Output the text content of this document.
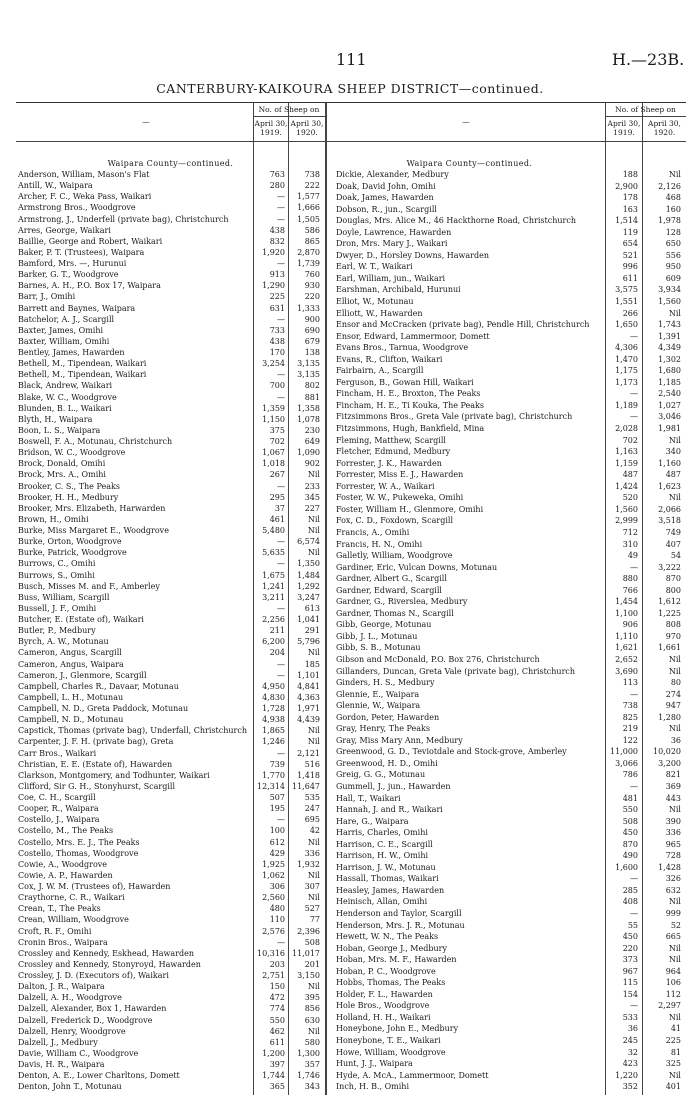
111	H.—23B.
CANTERBURY-KAIKOURA SHEEP DISTRICT—continued.
—
No. of Sheep on
April 30, 1919.
April 30, 1920.
—
No. of Sheep on
April 30, 1919.
April 30, 1920.
Waipara County—continued.
Anderson, William, Mason's Flat	763	738
Antill, W., Waipara	280	222
Archer, F. C., Weka Pass, Waikari	—	1,577
Armstrong Bros., Woodgrove	—	1,666
Armstrong, J., Underfell (private bag), Christchurch	—	1,505
Arres, George, Waikari	438	586
Baillie, George and Robert, Waikari	832	865
Baker, P. T. (Trustees), Waipara	1,920	2,870
Bamford, Mrs. —, Hurunui	—	1,739
Barker, G. T., Woodgrove	913	760
Barnes, A. H., P.O. Box 17, Waipara	1,290	930
Barr, J., Omihi	225	220
Barrett and Baynes, Waipara	631	1,333
Batchelor, A. J., Scargill	—	900
Baxter, James, Omihi	733	690
Baxter, William, Omihi	438	679
Bentley, James, Hawarden	170	138
Bethell, M., Tipendean, Waikari	3,254	3,135
Bethell, M., Tipendean, Waikari	—	3,135
Black, Andrew, Waikari	700	802
Blake, W. C., Woodgrove	—	881
Blunden, B. L., Waikari	1,359	1,358
Blyth, H., Waipara	1,150	1,078
Boon, L. S., Waipara	375	230
Boswell, F. A., Motunau, Christchurch	702	649
Bridson, W. C., Woodgrove	1,067	1,090
Brock, Donald, Omihi	1,018	902
Brock, Mrs. A., Omihi	267	Nil
Brooker, C. S., The Peaks	—	233
Brooker, H. H., Medbury	295	345
Brooker, Mrs. Elizabeth, Harwarden	37	227
Brown, H., Omihi	461	Nil
Burke, Miss Margaret E., Woodgrove	5,480	Nil
Burke, Orton, Woodgrove	—	6,574
Burke, Patrick, Woodgrove	5,635	Nil
Burrows, C., Omihi	—	1,350
Burrows, S., Omihi	1,675	1,484
Busch, Misses M. and F., Amberley	1,241	1,292
Buss, William, Scargill	3,211	3,247
Bussell, J. F., Omihi	—	613
Butcher, E. (Estate of), Waikari	2,256	1,041
Butler, P., Medbury	211	291
Byrch, A. W., Motunau	6,200	5,796
Cameron, Angus, Scargill	204	Nil
Cameron, Angus, Waipara	—	185
Cameron, J., Glenmore, Scargill	—	1,101
Campbell, Charles R., Davaar, Motunau	4,950	4,841
Campbell, L. H., Motunau	4,830	4,363
Campbell, N. D., Greta Paddock, Motunau	1,728	1,971
Campbell, N. D., Motunau	4,938	4,439
Capstick, Thomas (private bag), Underfall, Christchurch	1,865	Nil
Carpenter, J. F. H. (private bag), Greta	1,246	Nil
Carr Bros., Waikari	—	2,121
Christian, E. E. (Estate of), Hawarden	739	516
Clarkson, Montgomery, and Todhunter, Waikari	1,770	1,418
Clifford, Sir G. H., Stonyhurst, Scargill	12,314 11,647
Coe, C. H., Scargill	507	535
Cooper, R., Waipara	195	247
Costello, J., Waipara	—	695
Costello, M., The Peaks	100	42
Costello, Mrs. E. J., The Peaks	612	Nil
Costello, Thomas, Woodgrove	429	336
Cowie, A., Woodgrove	1,925	1,932
Cowie, A. P., Hawarden	1,062	Nil
Cox, J. W. M. (Trustees of), Hawarden	306	307
Craythorne, C. R., Waikari	2,560	Nil
Crean, T., The Peaks	480	527
Crean, William, Woodgrove	110	77
Croft, R. F., Omihi	2,576	2,396
Cronin Bros., Waipara	—	508
Crossley and Kennedy, Eskhead, Hawarden	10,316 11,017
Crossley and Kennedy, Stonyroyd, Hawarden	203	201
Crossley, J. D. (Executors of), Waikari	2,751	3,150
Dalton, J. R., Waipara	150	Nil
Dalzell, A. H., Woodgrove	472	395
Dalzell, Alexander, Box 1, Hawarden	774	856
Dalzell, Frederick D., Woodgrove	550	630
Dalzell, Henry, Woodgrove	462	Nil
Dalzell, J., Medbury	611	580
Davie, William C., Woodgrove	1,200	1,300
Davis, H. R., Waipara	397	357
Denton, A. E., Lower Charltons, Domett	1,744	1,746
Denton, John T., Motunau	365	343
Waipara County—continued.
Dickie, Alexander, Medbury	188	Nil
Doak, David John, Omihi	2,900	2,126
Doak, James, Hawarden	178	468
Dobson, R., jun., Scargill	163	160
Douglas, Mrs. Alice M., 46 Hackthorne Road, Christchurch	1,514	1,978
Doyle, Lawrence, Hawarden	119	128
Dron, Mrs. Mary J., Waikari	654	650
Dwyer, D., Horsley Downs, Hawarden	521	556
Earl, W. T., Waikari	996	950
Earl, William, jun., Waikari	611	609
Earshman, Archibald, Hurunui	3,575	3,934
Elliot, W., Motunau	1,551	1,560
Elliott, W., Hawarden	266	Nil
Ensor and McCracken (private bag), Pendle Hill, Christchurch	1,650	1,743
Ensor, Edward, Lammermoor, Domett	—	1,391
Evans Bros., Tarnua, Woodgrove	4,306	4,349
Evans, R., Clifton, Waikari	1,470	1,302
Fairbairn, A., Scargill	1,175	1,680
Ferguson, B., Gowan Hill, Waikari	1,173	1,185
Fincham, H. E., Broxton, The Peaks	—	2,540
Fincham, H. E., Ti Kouka, The Peaks	1,189	1,027
Fitzsimmons Bros., Greta Vale (private bag), Christchurch	—	3,046
Fitzsimmons, Hugh, Bankfield, Mina	2,028	1,981
Fleming, Matthew, Scargill	702	Nil
Fletcher, Edmund, Medbury	1,163	340
Forrester, J. K., Hawarden	1,159	1,160
Forrester, Miss E. J., Hawarden	487	487
Forrester, W. A., Waikari	1,424	1,623
Foster, W. W., Pukeweka, Omihi	520	Nil
Foster, William H., Glenmore, Omihi	1,560	2,066
Fox, C. D., Foxdown, Scargill	2,999	3,518
Francis, A., Omihi	712	749
Francis, H. N., Omihi	310	407
Galletly, William, Woodgrove	49	54
Gardiner, Eric, Vulcan Downs, Motunau	—	3,222
Gardner, Albert G., Scargill	880	870
Gardner, Edward, Scargill	766	800
Gardner, G., Riverslea, Medbury	1,454	1,612
Gardner, Thomas N., Scargill	1,100	1,225
Gibb, George, Motunau	906	808
Gibb, J. L., Motunau	1,110	970
Gibb, S. B., Motunau	1,621	1,661
Gibson and McDonald, P.O. Box 276, Christchurch	2,652	Nil
Gillanders, Duncan, Greta Vale (private bag), Christchurch	3,690	Nil
Ginders, H. S., Medbury	113	80
Glennie, E., Waipara	—	274
Glennie, W., Waipara	738	947
Gordon, Peter, Hawarden	825	1,280
Gray, Henry, The Peaks	219	Nil
Gray, Miss Mary Ann, Medbury	122	36
Greenwood, G. D., Teviotdale and Stock-grove, Amberley	11,000	10,020
Greenwood, H. D., Omihi	3,066	3,200
Greig, G. G., Motunau	786	821
Gummell, J., jun., Hawarden	—	369
Hall, T., Waikari	481	443
Hannah, J. and R., Waikari	550	Nil
Hare, G., Waipara	508	390
Harris, Charles, Omihi	450	336
Harrison, C. E., Scargill	870	965
Harrison, H. W., Omihi	490	728
Harrison, J. W., Motunau	1,600	1,428
Hassall, Thomas, Waikari	—	326
Heasley, James, Hawarden	285	632
Heinisch, Allan, Omihi	408	Nil
Henderson and Taylor, Scargill	—	999
Henderson, Mrs. J. R., Motunau	55	52
Hewett, W. N., The Peaks	450	665
Hoban, George J., Medbury	220	Nil
Hoban, Mrs. M. F., Hawarden	373	Nil
Hoban, P. C., Woodgrove	967	964
Hobbs, Thomas, The Peaks	115	106
Holder, F. L., Hawarden	154	112
Hole Bros., Woodgrove	—	2,297
Holland, H. H., Waikari	533	Nil
Honeybone, John E., Medbury	36	41
Honeybone, T. E., Waikari	245	225
Howe, William, Woodgrove	32	81
Hunt, J. J., Waipara	423	325
Hyde, A. McA., Lammermoor, Domett	1,220	Nil
Inch, H. B., Omihi	352	401
